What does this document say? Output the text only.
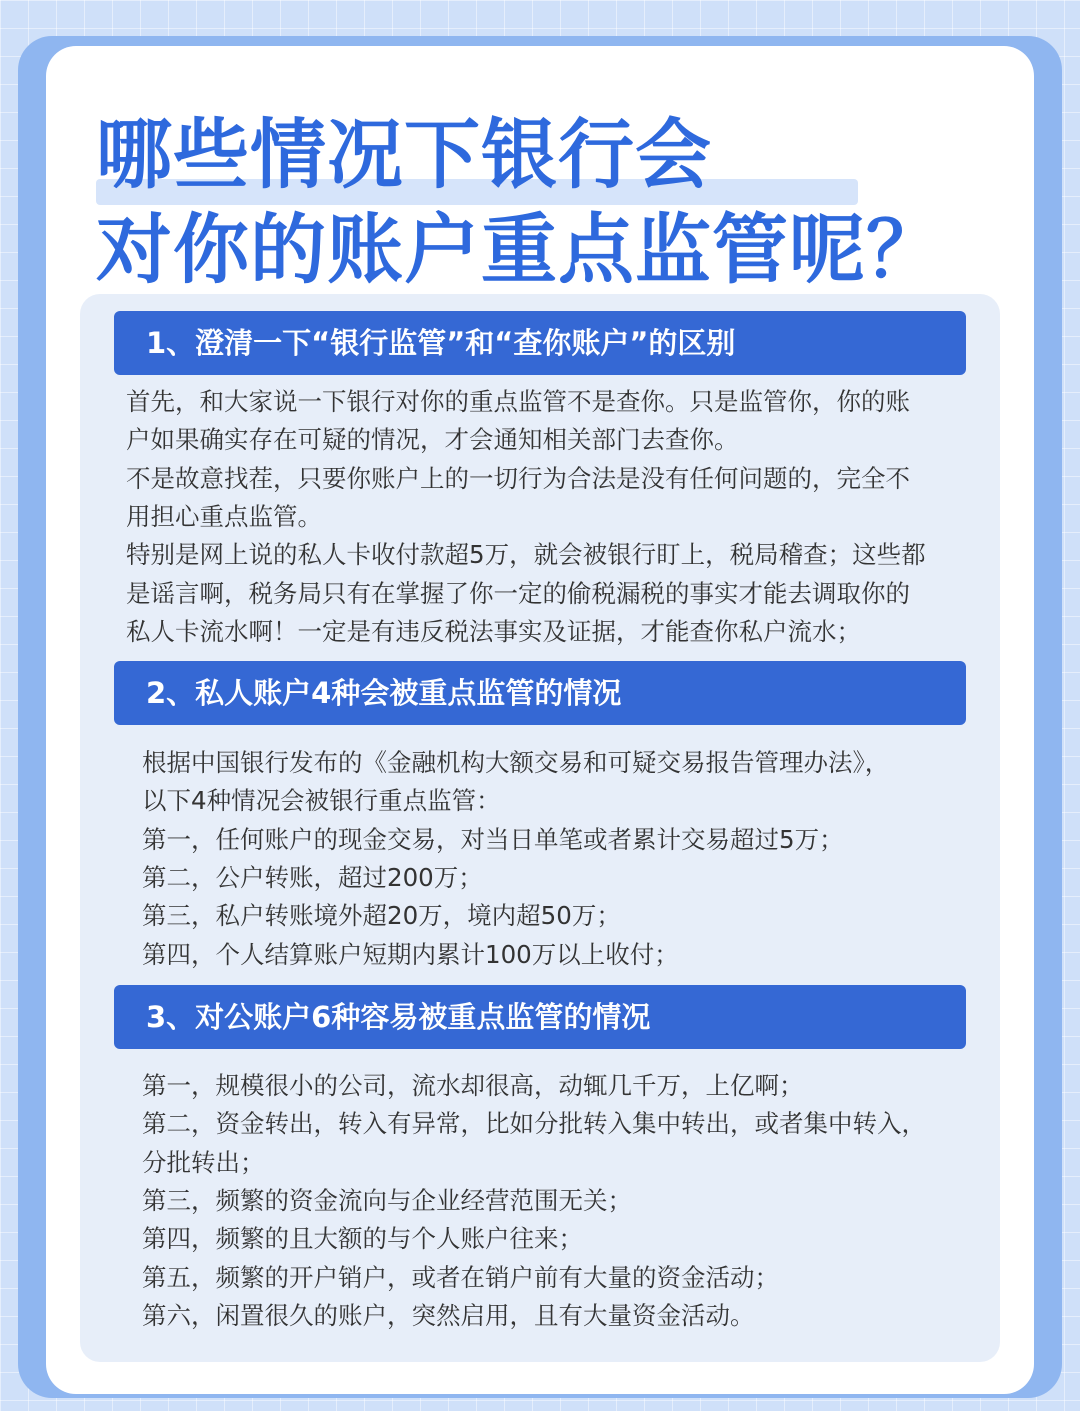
哪些情况下银行会
对你的账户重点监管呢？
1、澄清一下“银行监管”和“查你账户”的区别

首先，和大家说一下银行对你的重点监管不是查你。只是监管你，你的账

户如果确实存在可疑的情况，才会通知相关部门去查你。

不是故意找茬，只要你账户上的一切行为合法是没有任何问题的，完全不

用担心重点监管。

特别是网上说的私人卡收付款超5万，就会被银行盯上，税局稽查；这些都

是谣言啊，税务局只有在掌握了你一定的偷税漏税的事实才能去调取你的

私人卡流水啊！一定是有违反税法事实及证据，才能查你私户流水；

2、私人账户4种会被重点监管的情况

根据中国银行发布的《金融机构大额交易和可疑交易报告管理办法》，

以下4种情况会被银行重点监管：

第一，任何账户的现金交易，对当日单笔或者累计交易超过5万；

第二，公户转账，超过200万；

第三，私户转账境外超20万，境内超50万；

第四，个人结算账户短期内累计100万以上收付；

3、对公账户6种容易被重点监管的情况

第一，规模很小的公司，流水却很高，动辄几千万，上亿啊；

第二，资金转出，转入有异常，比如分批转入集中转出，或者集中转入，

分批转出；

第三，频繁的资金流向与企业经营范围无关；

第四，频繁的且大额的与个人账户往来；

第五，频繁的开户销户，或者在销户前有大量的资金活动；

第六，闲置很久的账户，突然启用，且有大量资金活动。
